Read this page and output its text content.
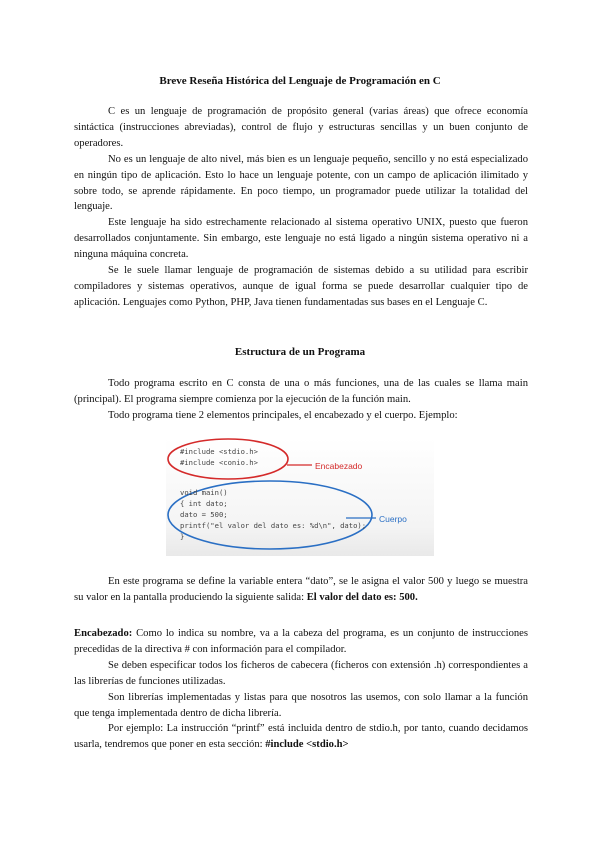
Breve Reseña Histórica del Lenguaje de Programación en C

C es un lenguaje de programación de propósito general (varias áreas) que ofrece economía sintáctica (instrucciones abreviadas), control de flujo y estructuras sencillas y un buen conjunto de operadores.

No es un lenguaje de alto nivel, más bien es un lenguaje pequeño, sencillo y no está especializado en ningún tipo de aplicación. Esto lo hace un lenguaje potente, con un campo de aplicación ilimitado y sobre todo, se aprende rápidamente. En poco tiempo, un programador puede utilizar la totalidad del lenguaje.

Este lenguaje ha sido estrechamente relacionado al sistema operativo UNIX, puesto que fueron desarrollados conjuntamente. Sin embargo, este lenguaje no está ligado a ningún sistema operativo ni a ninguna máquina concreta.

Se le suele llamar lenguaje de programación de sistemas debido a su utilidad para escribir compiladores y sistemas operativos, aunque de igual forma se puede desarrollar cualquier tipo de aplicación. Lenguajes como Python, PHP, Java tienen fundamentadas sus bases en el Lenguaje C.

Estructura de un Programa

Todo programa escrito en C consta de una o más funciones, una de las cuales se llama main (principal). El programa siempre comienza por la ejecución de la función main.

Todo programa tiene 2 elementos principales, el encabezado y el cuerpo. Ejemplo:

#include <stdio.h>
#include <conio.h>	Encabezado
void main()
{ int dato;
dato = 500;
printf("el valor del dato es: %d\n", dato);
}
Cuerpo

En este programa se define la variable entera “dato”, se le asigna el valor 500 y luego se muestra su valor en la pantalla produciendo la siguiente salida: El valor del dato es: 500.

Encabezado: Como lo indica su nombre, va a la cabeza del programa, es un conjunto de instrucciones precedidas de la directiva # con información para el compilador.

Se deben especificar todos los ficheros de cabecera (ficheros con extensión .h) correspondientes a las librerías de funciones utilizadas.

Son librerías implementadas y listas para que nosotros las usemos, con solo llamar a la función que tenga implementada dentro de dicha librería.

Por ejemplo: La instrucción “printf” está incluida dentro de stdio.h, por tanto, cuando decidamos usarla, tendremos que poner en esta sección: #include <stdio.h>
